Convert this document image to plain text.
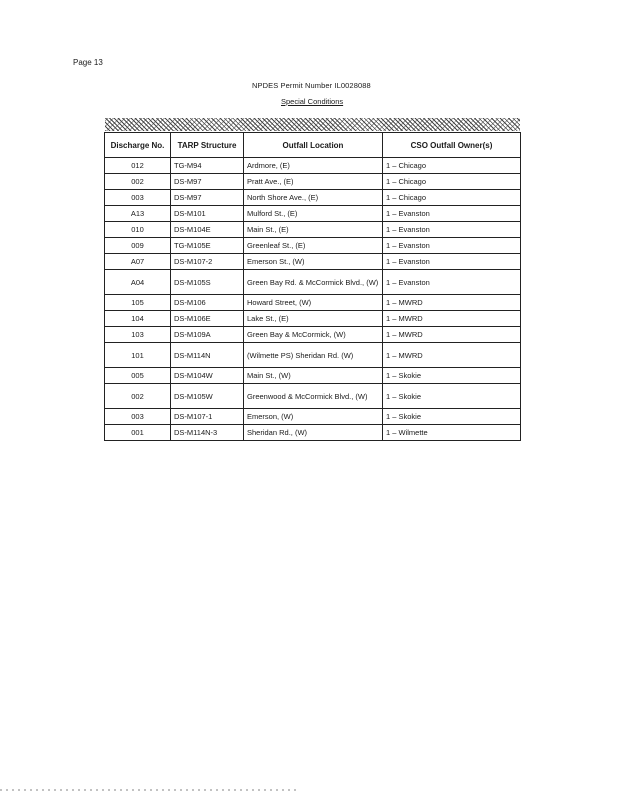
Page 13
NPDES Permit Number IL0028088
Special Conditions
Discharge No.	TARP Structure	Outfall Location	CSO Outfall Owner(s)
012	TG-M94	Ardmore, (E)	1 – Chicago
002	DS-M97	Pratt Ave., (E)	1 – Chicago
003	DS-M97	North Shore Ave., (E)	1 – Chicago
A13	DS-M101	Mulford St., (E)	1 – Evanston
010	DS-M104E	Main St., (E)	1 – Evanston
009	TG-M105E	Greenleaf St., (E)	1 – Evanston
A07	DS-M107-2	Emerson St., (W)	1 – Evanston
A04	DS-M105S	Green Bay Rd. & McCormick Blvd., (W)	1 – Evanston
105	DS-M106	Howard Street, (W)	1 – MWRD
104	DS-M106E	Lake St., (E)	1 – MWRD
103	DS-M109A	Green Bay & McCormick, (W)	1 – MWRD
101	DS-M114N	(Wilmette PS) Sheridan Rd. (W)	1 – MWRD
005	DS-M104W	Main St., (W)	1 – Skokie
002	DS-M105W	Greenwood & McCormick Blvd., (W)	1 – Skokie
003	DS-M107-1	Emerson, (W)	1 – Skokie
001	DS-M114N-3	Sheridan Rd., (W)	1 – Wilmette
